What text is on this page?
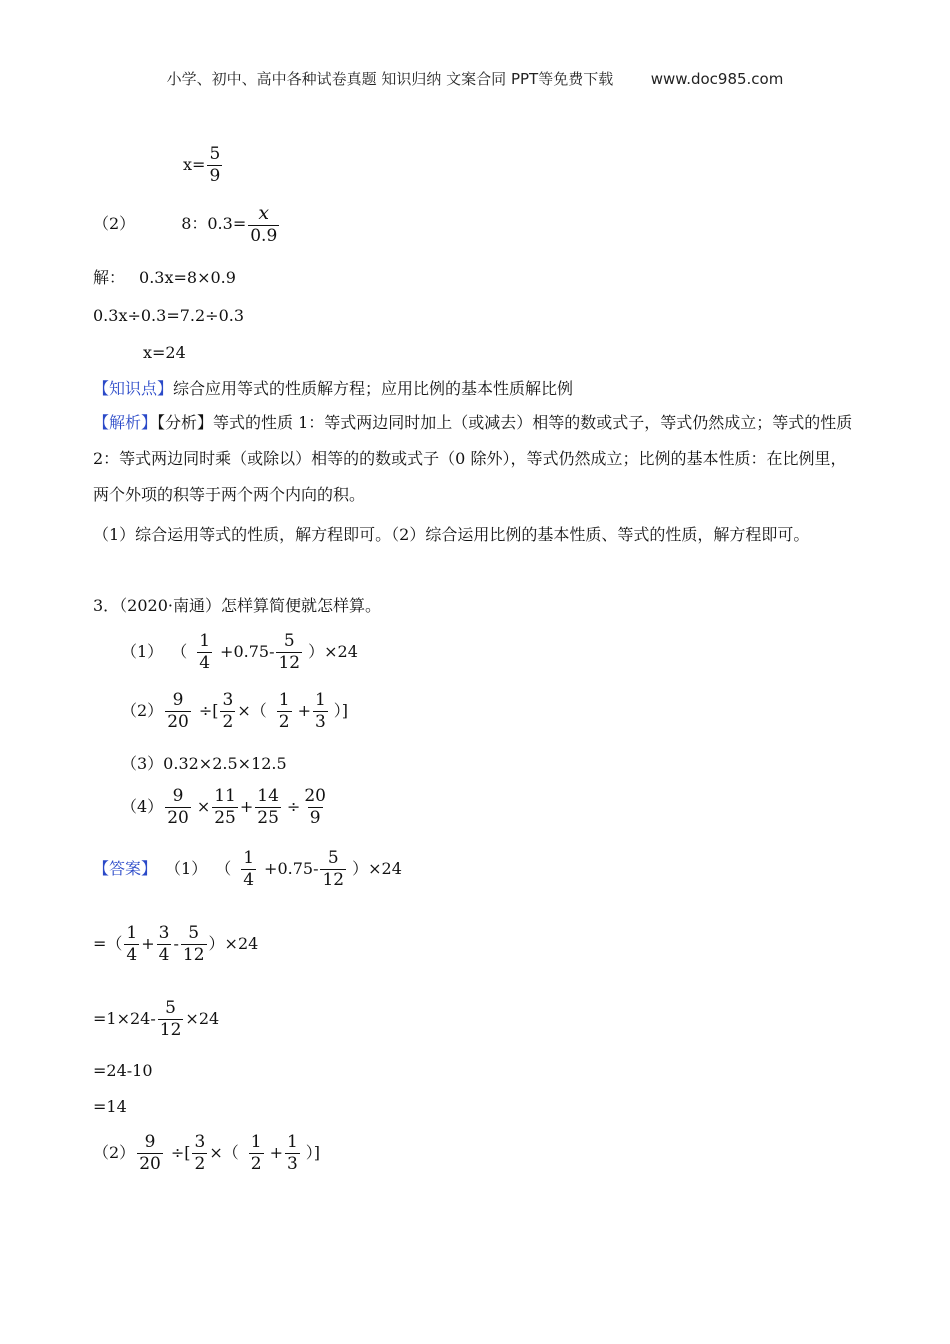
小学、初中、高中各种试卷真题 知识归纳 文案合同 PPT等免费下载	www.doc985.com
$x= \frac{5}{9}$
（2）	8：$0.3= \frac{x}{0.9}$
解： 0.3x=8×0.9
0.3x÷0.3=7.2÷0.3
x=24
【知识点】综合应用等式的性质解方程；应用比例的基本性质解比例
【解析】【分析】等式的性质 1：等式两边同时加上（或减去）相等的数或式子，等式仍然成立；等式的性质 2：等式两边同时乘（或除以）相等的的数或式子（0 除外），等式仍然成立；比例的基本性质：在比例里，两个外项的积等于两个两个内向的积。
（1）综合运用等式的性质，解方程即可。（2）综合运用比例的基本性质、等式的性质，解方程即可。
3．（2020·南通）怎样算简便就怎样算。
（1） （ $\frac{1}{4} +0.75- \frac{5}{12} )\times 24$
$(2) \frac{9}{20}$ ÷[ $\frac{3}{2}$ ×（ $\frac{1}{2} + \frac{1}{3}$ ）]
（3）0.32×2.5×12.5
$(4) \frac{9}{20} \times \frac{11}{25} + \frac{14}{25} \div \frac{20}{9}$
【答案】 （1） （ $\frac{1}{4} +0.75- \frac{5}{12} )\times 24$
=（ $\frac{1}{4} + \frac{3}{4} - \frac{5}{12} )\times 24$
$=1\times 24- \frac{5}{12} \times 24$
=24-10
=14
$(2) \frac{9}{20}$ ÷[ $\frac{3}{2}$ ×（ $\frac{1}{2} + \frac{1}{3}$ ）]
